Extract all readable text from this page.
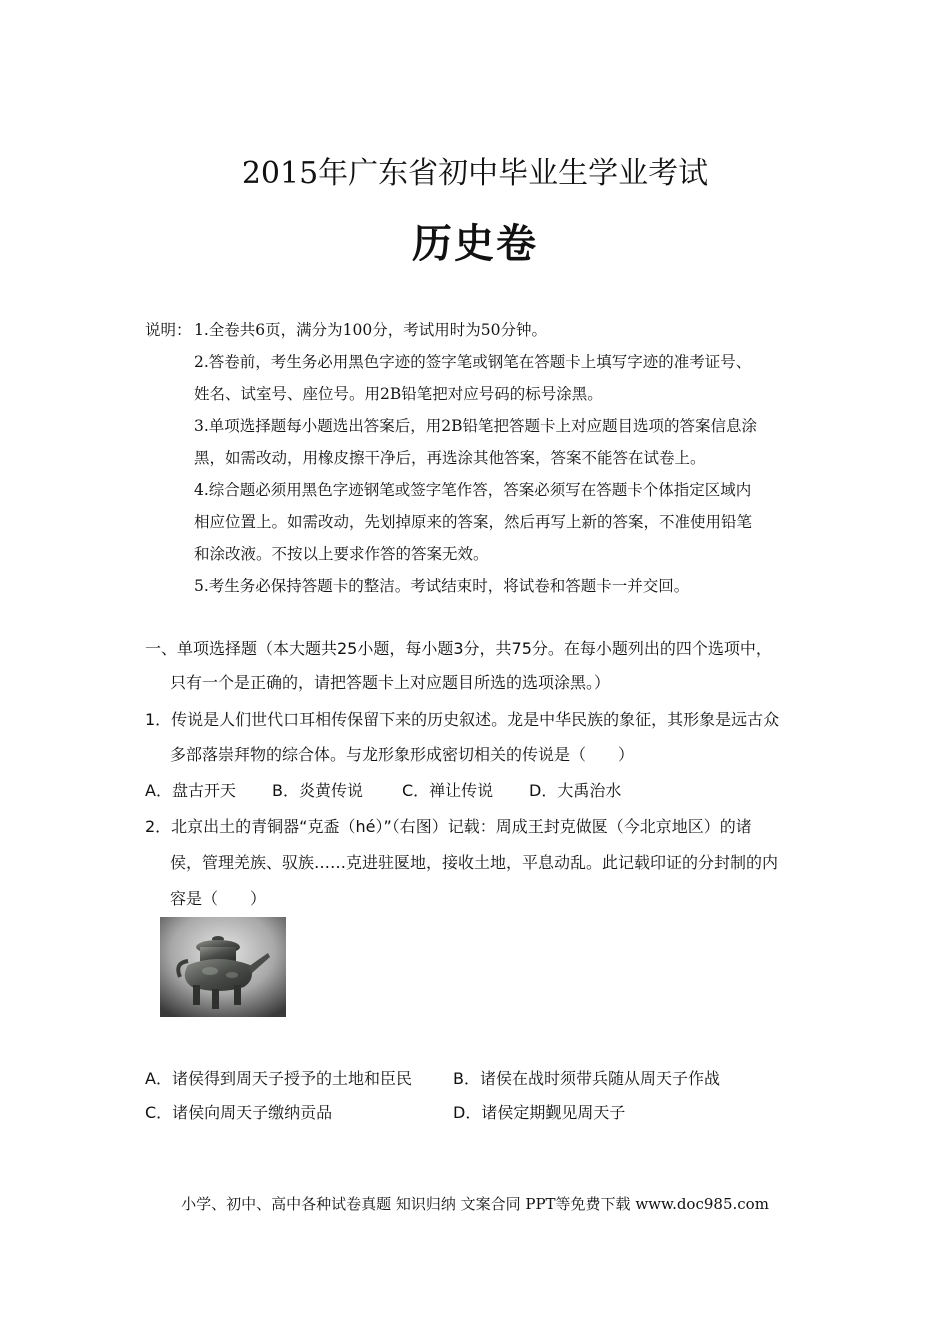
2015年广东省初中毕业生学业考试
历史卷
说明： 1.全卷共6页，满分为100分，考试用时为50分钟。
2.答卷前，考生务必用黑色字迹的签字笔或钢笔在答题卡上填写字迹的准考证号、
姓名、试室号、座位号。用2B铅笔把对应号码的标号涂黑。
3.单项选择题每小题选出答案后，用2B铅笔把答题卡上对应题目选项的答案信息涂
黑，如需改动，用橡皮擦干净后，再选涂其他答案，答案不能答在试卷上。
4.综合题必须用黑色字迹钢笔或签字笔作答，答案必须写在答题卡个体指定区域内
相应位置上。如需改动，先划掉原来的答案，然后再写上新的答案，不准使用铅笔
和涂改液。不按以上要求作答的答案无效。
5.考生务必保持答题卡的整洁。考试结束时，将试卷和答题卡一并交回。
一、单项选择题（本大题共25小题，每小题3分，共75分。在每小题列出的四个选项中，
只有一个是正确的，请把答题卡上对应题目所选的选项涂黑。）
1．传说是人们世代口耳相传保留下来的历史叙述。龙是中华民族的象征，其形象是远古众
多部落崇拜物的综合体。与龙形象形成密切相关的传说是（　　）
A．盘古开天 B．炎黄传说 C．禅让传说 D．大禹治水
2．北京出土的青铜器“克盉（hé）”（右图）记载：周成王封克做匽（今北京地区）的诸
侯，管理羌族、驭族……克进驻匽地，接收土地，平息动乱。此记载印证的分封制的内
容是（　　）
A．诸侯得到周天子授予的土地和臣民	B．诸侯在战时须带兵随从周天子作战
C．诸侯向周天子缴纳贡品	D．诸侯定期觐见周天子
小学、初中、高中各种试卷真题 知识归纳 文案合同 PPT等免费下载 www.doc985.com
